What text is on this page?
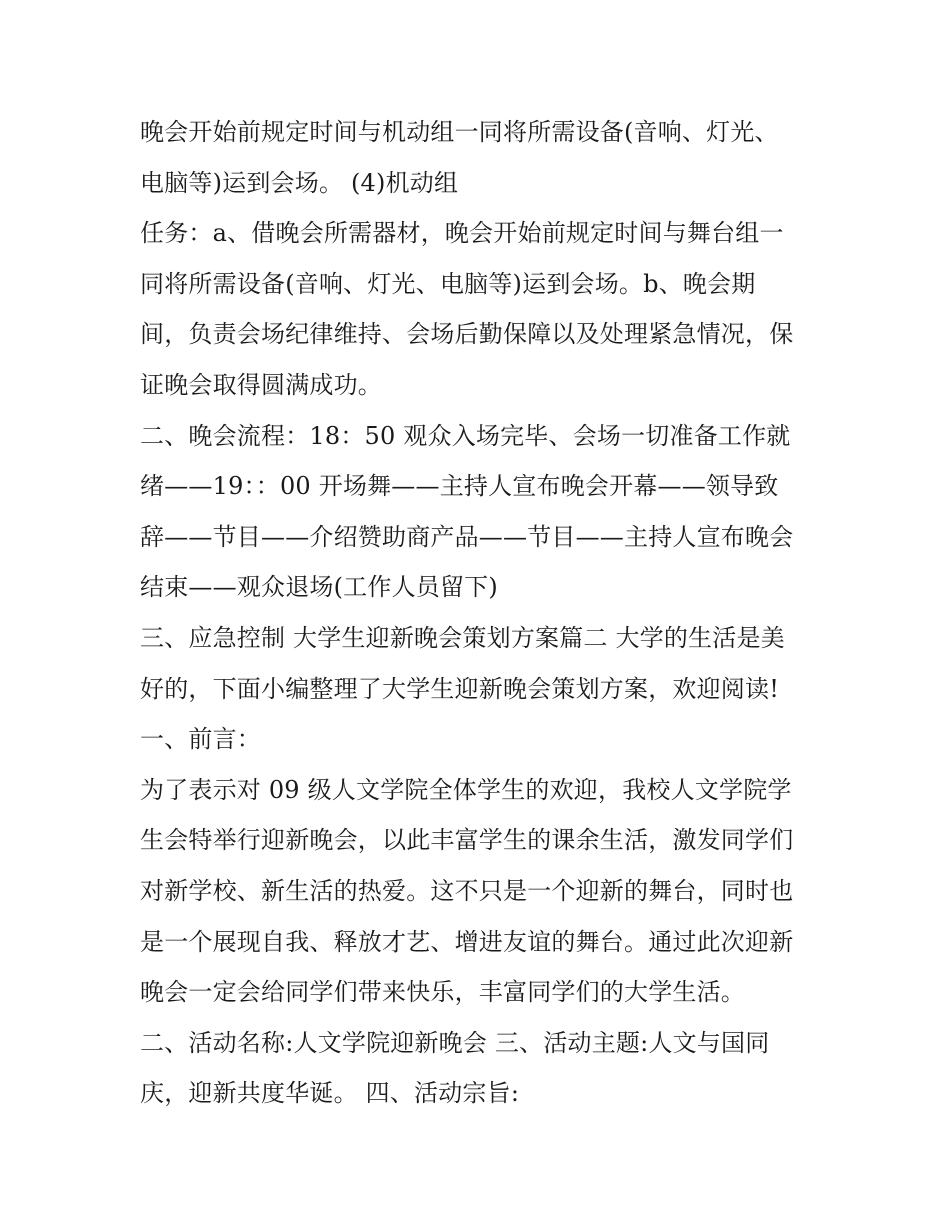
晚会开始前规定时间与机动组一同将所需设备(音响、灯光、
电脑等)运到会场。 (4)机动组
任务：a、借晚会所需器材，晚会开始前规定时间与舞台组一
同将所需设备(音响、灯光、电脑等)运到会场。b、晚会期
间，负责会场纪律维持、会场后勤保障以及处理紧急情况，保
证晚会取得圆满成功。
二、晚会流程：18：50 观众入场完毕、会场一切准备工作就
绪——19：：00 开场舞——主持人宣布晚会开幕——领导致
辞——节目——介绍赞助商产品——节目——主持人宣布晚会
结束——观众退场(工作人员留下)
三、应急控制 大学生迎新晚会策划方案篇二 大学的生活是美
好的，下面小编整理了大学生迎新晚会策划方案，欢迎阅读!
一、前言：
为了表示对 09 级人文学院全体学生的欢迎，我校人文学院学
生会特举行迎新晚会，以此丰富学生的课余生活，激发同学们
对新学校、新生活的热爱。这不只是一个迎新的舞台，同时也
是一个展现自我、释放才艺、增进友谊的舞台。通过此次迎新
晚会一定会给同学们带来快乐，丰富同学们的大学生活。
二、活动名称:人文学院迎新晚会 三、活动主题:人文与国同
庆，迎新共度华诞。 四、活动宗旨:
